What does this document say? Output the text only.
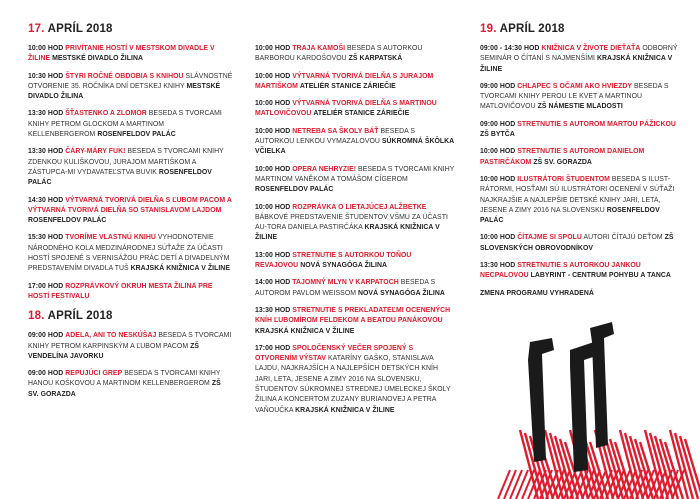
17. APRÍL 2018
10:00 HOD PRIVÍTANIE HOSTÍ V MESTSKOM DIVADLE V ŽILINE MESTSKÉ DIVADLO ŽILINA
10:30 HOD ŠTYRI ROČNÉ OBDOBIA S KNIHOU SLÁVNOSTNÉ OTVORENIE 35. ROČNÍKA DNÍ DETSKEJ KNIHY MESTSKÉ DIVADLO ŽILINA
13:30 HOD ŠŤASTENKO A ZLOMOR BESEDA S TVORCAMI KNIHY PETROM GLOCKOM A MARTINOM KELLENBERGEROM ROSENFELDOV PALÁC
13:30 HOD ČÁRY-MÁRY FUK! BESEDA S TVORCAMI KNIHY ZDENKOU KULIŠKOVOU, JURAJOM MARTIŠKOM A ZÁSTUPCA-MI VYDAVATEĽSTVA BUVIK ROSENFELDOV PALÁC
14:30 HOD VÝTVARNÁ TVORIVÁ DIELŇA S ĽUBOM PACOM A VÝTVARNÁ TVORIVÁ DIELŇA SO STANISLAVOM LAJDOM ROSENFELDOV PALÁC
15:30 HOD TVORÍME VLASTNÚ KNIHU VYHODNOTENIE NÁRODNÉHO KOLA MEDZINÁRODNEJ SÚŤAŽE ZA ÚČASTI HOSTÍ SPOJENÉ S VERNISÁŽOU PRÁC DETÍ A DIVADELNÝM PREDSTAVENÍM DIVADLA TUŠ KRAJSKÁ KNIŽNICA V ŽILINE
17:00 HOD ROZPRÁVKOVÝ OKRUH MESTA ŽILINA PRE HOSTÍ FESTIVALU
18. APRÍL 2018
09:00 HOD ADELA, ANI TO NESKÚŠAJ BESEDA S TVORCAMI KNIHY PETROM KARPINSKÝM A ĽUBOM PACOM ZŠ VENDELÍNA JAVORKU
09:00 HOD REPUJÚCI GREP BESEDA S TVORCAMI KNIHY HANOU KOŠKOVOU A MARTINOM KELLENBERGEROM ZŠ SV. GORAZDA
10:00 HOD TRAJA KAMOŠI BESEDA S AUTORKOU BARBOROU KARDOŠOVOU ZŠ KARPATSKÁ
10:00 HOD VÝTVARNÁ TVORIVÁ DIELŇA S JURAJOM MARTIŠKOM ATELIÉR STANICE ZÁRIEČIE
10:00 HOD VÝTVARNÁ TVORIVÁ DIELŇA S MARTINOU MATLOVIČOVOU ATELIÉR STANICE ZÁRIEČIE
10:00 HOD NETREBA SA ŠKOLY BÁŤ BESEDA S AUTORKOU LENKOU VYMAZALOVOU SÚKROMNÁ ŠKÔLKA VČIELKA
10:00 HOD OPERA NEHRYZIE! BESEDA S TVORCAMI KNIHY MARTINOM VANĚKOM A TOMÁŠOM CÍGEROM ROSENFELDOV PALÁC
10:00 HOD ROZPRÁVKA O LIETAJÚCEJ ALŽBETKE BÁBKOVÉ PREDSTAVENIE ŠTUDENTOV VŠMU ZA ÚČASTI AU-TORA DANIELA PASTIRČÁKA KRAJSKÁ KNIŽNICA V ŽILINE
13:00 HOD STRETNUTIE S AUTORKOU TOŇOU REVAJOVOU NOVÁ SYNAGÓGA ŽILINA
14:00 HOD TAJOMNÝ MLYN V KARPATOCH BESEDA S AUTOROM PAVLOM WEISSOM NOVÁ SYNAGÓGA ŽILINA
13:30 HOD STRETNUTIE S PREKLADATEĽMI OCENENÝCH KNÍH ĽUBOMÍROM FELDEKOM A BEATOU PANÁKOVOU KRAJSKÁ KNIŽNICA V ŽILINE
17:00 HOD SPOLOČENSKÝ VEČER SPOJENÝ S OTVORENÍM VÝSTAV KATARÍNY GAŠKO, STANISLAVA LAJDU, NAJKRAJŠÍCH A NAJLEPŠÍCH DETSKÝCH KNÍH JARI, LETA, JESENE A ZIMY 2016 NA SLOVENSKU, ŠTUDENTOV SÚKROMNEJ STREDNEJ UMELECKEJ ŠKOLY ŽILINA A KONCERTOM ZUZANY BURIANOVEJ A PETRA VAŇOUČKA KRAJSKÁ KNIŽNICA V ŽILINE
19. APRÍL 2018
09:00 - 14:30 HOD KNIŽNICA V ŽIVOTE DIEŤAŤA ODBORNÝ SEMINÁR O ČÍTANÍ S NAJMENŠÍMI KRAJSKÁ KNIŽNICA V ŽILINE
09:00 HOD CHLAPEC S OČAMI AKO HVIEZDY BESEDA S TVORCAMI KNIHY PEROU LE KVET A MARTINOU MATLOVIČOVOU ZŠ NÁMESTIE MLADOSTI
09:00 HOD STRETNUTIE S AUTOROM MARTOU PÁŽICKOU ZŠ BYTČA
10:00 HOD STRETNUTIE S AUTOROM DANIELOM PASTIRČÁKOM ZŠ SV. GORAZDA
10:00 HOD ILUSTRÁTORI ŠTUDENTOM BESEDA S ILUST-RÁTORMI, HOSŤAMI SÚ ILUSTRÁTORI OCENENÍ V SÚŤAŽI NAJKRAJŠIE A NAJLEPŠIE DETSKÉ KNIHY JARI, LETA, JESENE A ZIMY 2016 NA SLOVENSKU ROSENFELDOV PALÁC
10:00 HOD ČÍTAJME SI SPOLU AUTORI ČÍTAJÚ DEŤOM ZŠ SLOVENSKÝCH OBROVODNÍKOV
13:30 HOD STRETNUTIE S AUTORKOU JANKOU NECPALOVOU LABYRINT - CENTRUM POHYBU A TANCA
ZMENA PROGRAMU VYHRADENÁ
